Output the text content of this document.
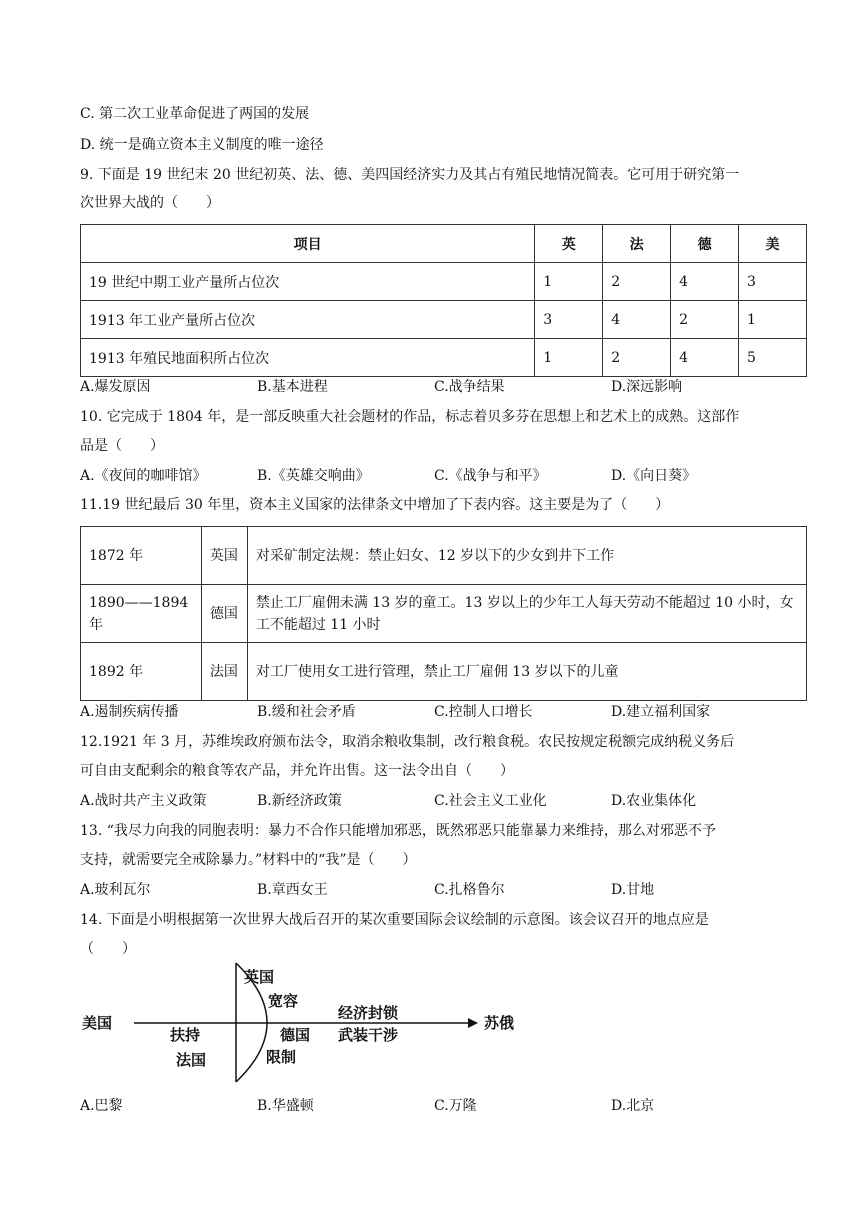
C. 第二次工业革命促进了两国的发展
D. 统一是确立资本主义制度的唯一途径
9. 下面是 19 世纪末 20 世纪初英、法、德、美四国经济实力及其占有殖民地情况简表。它可用于研究第一
次世界大战的（　　）
项目	英	法	德	美
19 世纪中期工业产量所占位次	1	2	4	3
1913 年工业产量所占位次	3	4	2	1
1913 年殖民地面积所占位次	1	2	4	5
A.爆发原因	B.基本进程	C.战争结果	D.深远影响
10. 它完成于 1804 年，是一部反映重大社会题材的作品，标志着贝多芬在思想上和艺术上的成熟。这部作
品是（　　）
A.《夜间的咖啡馆》	B.《英雄交响曲》	C.《战争与和平》	D.《向日葵》
11.19 世纪最后 30 年里，资本主义国家的法律条文中增加了下表内容。这主要是为了（　　）
1872 年	英国	对采矿制定法规：禁止妇女、12 岁以下的少女到井下工作
1890——1894 年	德国	禁止工厂雇佣未满 13 岁的童工。13 岁以上的少年工人每天劳动不能超过 10 小时，女工不能超过 11 小时
1892 年	法国	对工厂使用女工进行管理，禁止工厂雇佣 13 岁以下的儿童
A.遏制疾病传播	B.缓和社会矛盾	C.控制人口增长	D.建立福利国家
12.1921 年 3 月，苏维埃政府颁布法令，取消余粮收集制，改行粮食税。农民按规定税额完成纳税义务后
可自由支配剩余的粮食等农产品，并允许出售。这一法令出自（　　）
A.战时共产主义政策	B.新经济政策	C.社会主义工业化	D.农业集体化
13. “我尽力向我的同胞表明：暴力不合作只能增加邪恶，既然邪恶只能靠暴力来维持，那么对邪恶不予
支持，就需要完全戒除暴力。”材料中的“我”是（　　）
A.玻利瓦尔	B.章西女王	C.扎格鲁尔	D.甘地
14. 下面是小明根据第一次世界大战后召开的某次重要国际会议绘制的示意图。该会议召开的地点应是
（　　）
美国
英国
宽容
扶持	德国
法国	限制
经济封锁
武装干涉
苏俄
A.巴黎	B.华盛顿	C.万隆	D.北京
